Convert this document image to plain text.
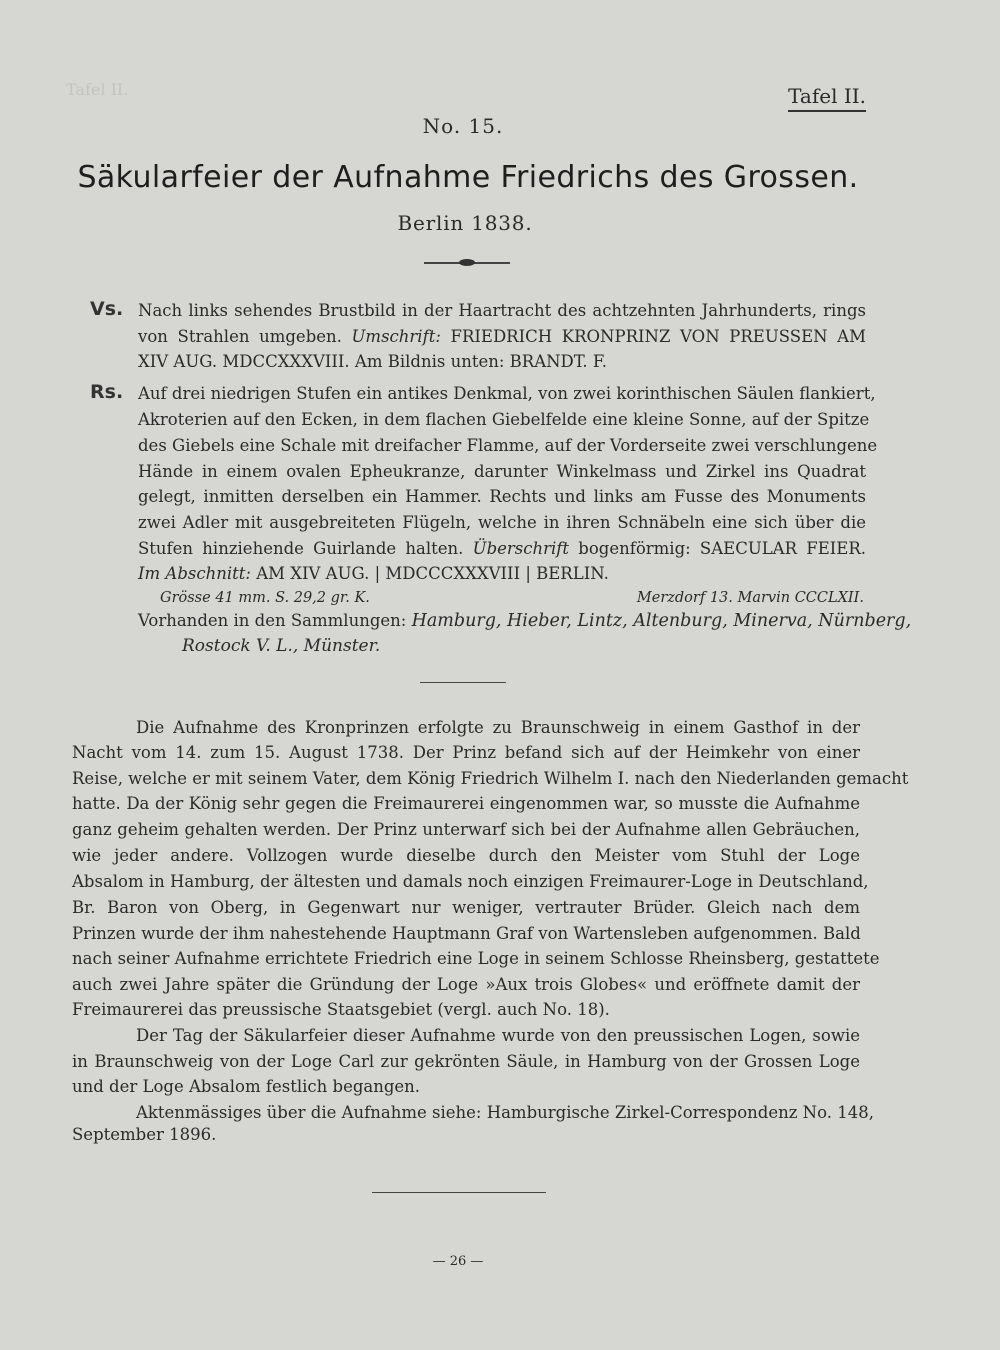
Tafel II.	Tafel II.
No. 15.
Säkularfeier der Aufnahme Friedrichs des Grossen.
Berlin 1838.
Vs. Nach links sehendes Brustbild in der Haartracht des achtzehnten Jahrhunderts, rings
von Strahlen umgeben. Umschrift: FRIEDRICH KRONPRINZ VON PREUSSEN AM
XIV AUG. MDCCXXXVIII. Am Bildnis unten: BRANDT. F.
Rs. Auf drei niedrigen Stufen ein antikes Denkmal, von zwei korinthischen Säulen flankiert,
Akroterien auf den Ecken, in dem flachen Giebelfelde eine kleine Sonne, auf der Spitze
des Giebels eine Schale mit dreifacher Flamme, auf der Vorderseite zwei verschlungene
Hände in einem ovalen Epheukranze, darunter Winkelmass und Zirkel ins Quadrat
gelegt, inmitten derselben ein Hammer. Rechts und links am Fusse des Monuments
zwei Adler mit ausgebreiteten Flügeln, welche in ihren Schnäbeln eine sich über die
Stufen hinziehende Guirlande halten. Überschrift bogenförmig: SAECULAR FEIER.
Im Abschnitt: AM XIV AUG. | MDCCCXXXVIII | BERLIN.
Grösse 41 mm. S. 29,2 gr. K.	Merzdorf 13. Marvin CCCLXII.
Vorhanden in den Sammlungen: Hamburg, Hieber, Lintz, Altenburg, Minerva, Nürnberg,
Rostock V. L., Münster.
Die Aufnahme des Kronprinzen erfolgte zu Braunschweig in einem Gasthof in der
Nacht vom 14. zum 15. August 1738. Der Prinz befand sich auf der Heimkehr von einer
Reise, welche er mit seinem Vater, dem König Friedrich Wilhelm I. nach den Niederlanden gemacht
hatte. Da der König sehr gegen die Freimaurerei eingenommen war, so musste die Aufnahme
ganz geheim gehalten werden. Der Prinz unterwarf sich bei der Aufnahme allen Gebräuchen,
wie jeder andere. Vollzogen wurde dieselbe durch den Meister vom Stuhl der Loge
Absalom in Hamburg, der ältesten und damals noch einzigen Freimaurer-Loge in Deutschland,
Br. Baron von Oberg, in Gegenwart nur weniger, vertrauter Brüder. Gleich nach dem
Prinzen wurde der ihm nahestehende Hauptmann Graf von Wartensleben aufgenommen. Bald
nach seiner Aufnahme errichtete Friedrich eine Loge in seinem Schlosse Rheinsberg, gestattete
auch zwei Jahre später die Gründung der Loge »Aux trois Globes« und eröffnete damit der
Freimaurerei das preussische Staatsgebiet (vergl. auch No. 18).
Der Tag der Säkularfeier dieser Aufnahme wurde von den preussischen Logen, sowie
in Braunschweig von der Loge Carl zur gekrönten Säule, in Hamburg von der Grossen Loge
und der Loge Absalom festlich begangen.
Aktenmässiges über die Aufnahme siehe: Hamburgische Zirkel-Correspondenz No. 148,
September 1896.
— 26 —
